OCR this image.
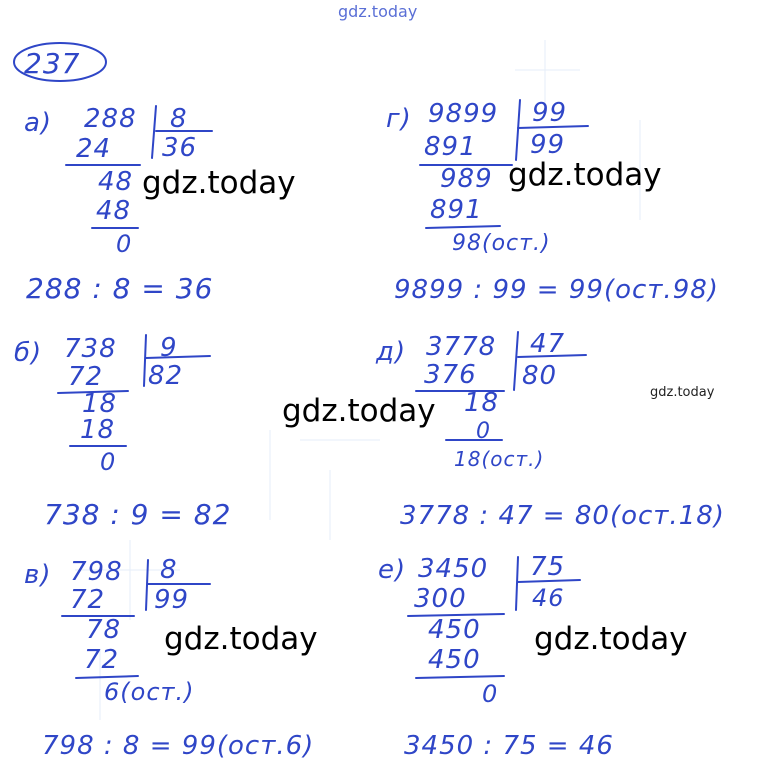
237
а) 288 8
36
24
48
48
0
288 : 8 = 36
б) 738 9
82
72
18
18
0
738 : 9 = 82
в) 798 8
99
72
78
72
6(ост.)
798 : 8 = 99(ост.6)
г) 9899 99
99
891
989
891
98(ост.)
9899 : 99 = 99(ост.98)
д) 3778 47
80
376
18
0
18(ост.)
3778 : 47 = 80(ост.18)
е) 3450 75
46
300
450
450
0
3450 : 75 = 46
gdz.today
gdz.today	gdz.today
gdz.today
gdz.today
gdz.today	gdz.today
